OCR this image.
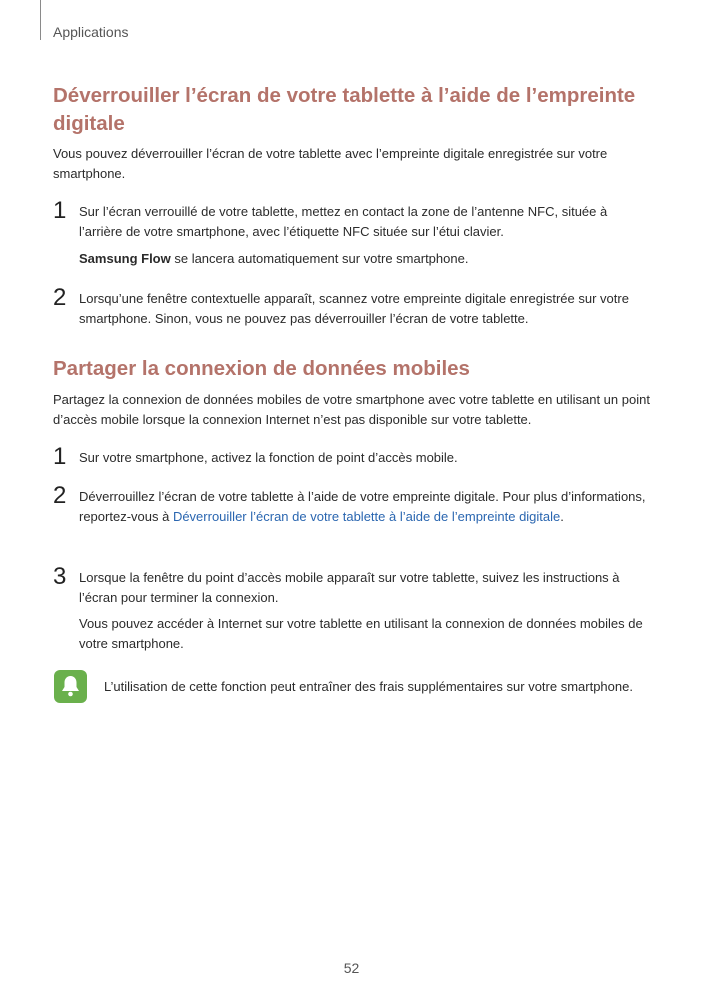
Applications
Déverrouiller l’écran de votre tablette à l’aide de l’empreinte digitale
Vous pouvez déverrouiller l’écran de votre tablette avec l’empreinte digitale enregistrée sur votre smartphone.
1 Sur l’écran verrouillé de votre tablette, mettez en contact la zone de l’antenne NFC, située à l’arrière de votre smartphone, avec l’étiquette NFC située sur l’étui clavier.
Samsung Flow se lancera automatiquement sur votre smartphone.
2 Lorsqu’une fenêtre contextuelle apparaît, scannez votre empreinte digitale enregistrée sur votre smartphone. Sinon, vous ne pouvez pas déverrouiller l’écran de votre tablette.
Partager la connexion de données mobiles
Partagez la connexion de données mobiles de votre smartphone avec votre tablette en utilisant un point d’accès mobile lorsque la connexion Internet n’est pas disponible sur votre tablette.
1 Sur votre smartphone, activez la fonction de point d’accès mobile.
2 Déverrouillez l’écran de votre tablette à l’aide de votre empreinte digitale. Pour plus d’informations, reportez-vous à Déverrouiller l’écran de votre tablette à l’aide de l’empreinte digitale.
3 Lorsque la fenêtre du point d’accès mobile apparaît sur votre tablette, suivez les instructions à l’écran pour terminer la connexion.
Vous pouvez accéder à Internet sur votre tablette en utilisant la connexion de données mobiles de votre smartphone.
L’utilisation de cette fonction peut entraîner des frais supplémentaires sur votre smartphone.
52
